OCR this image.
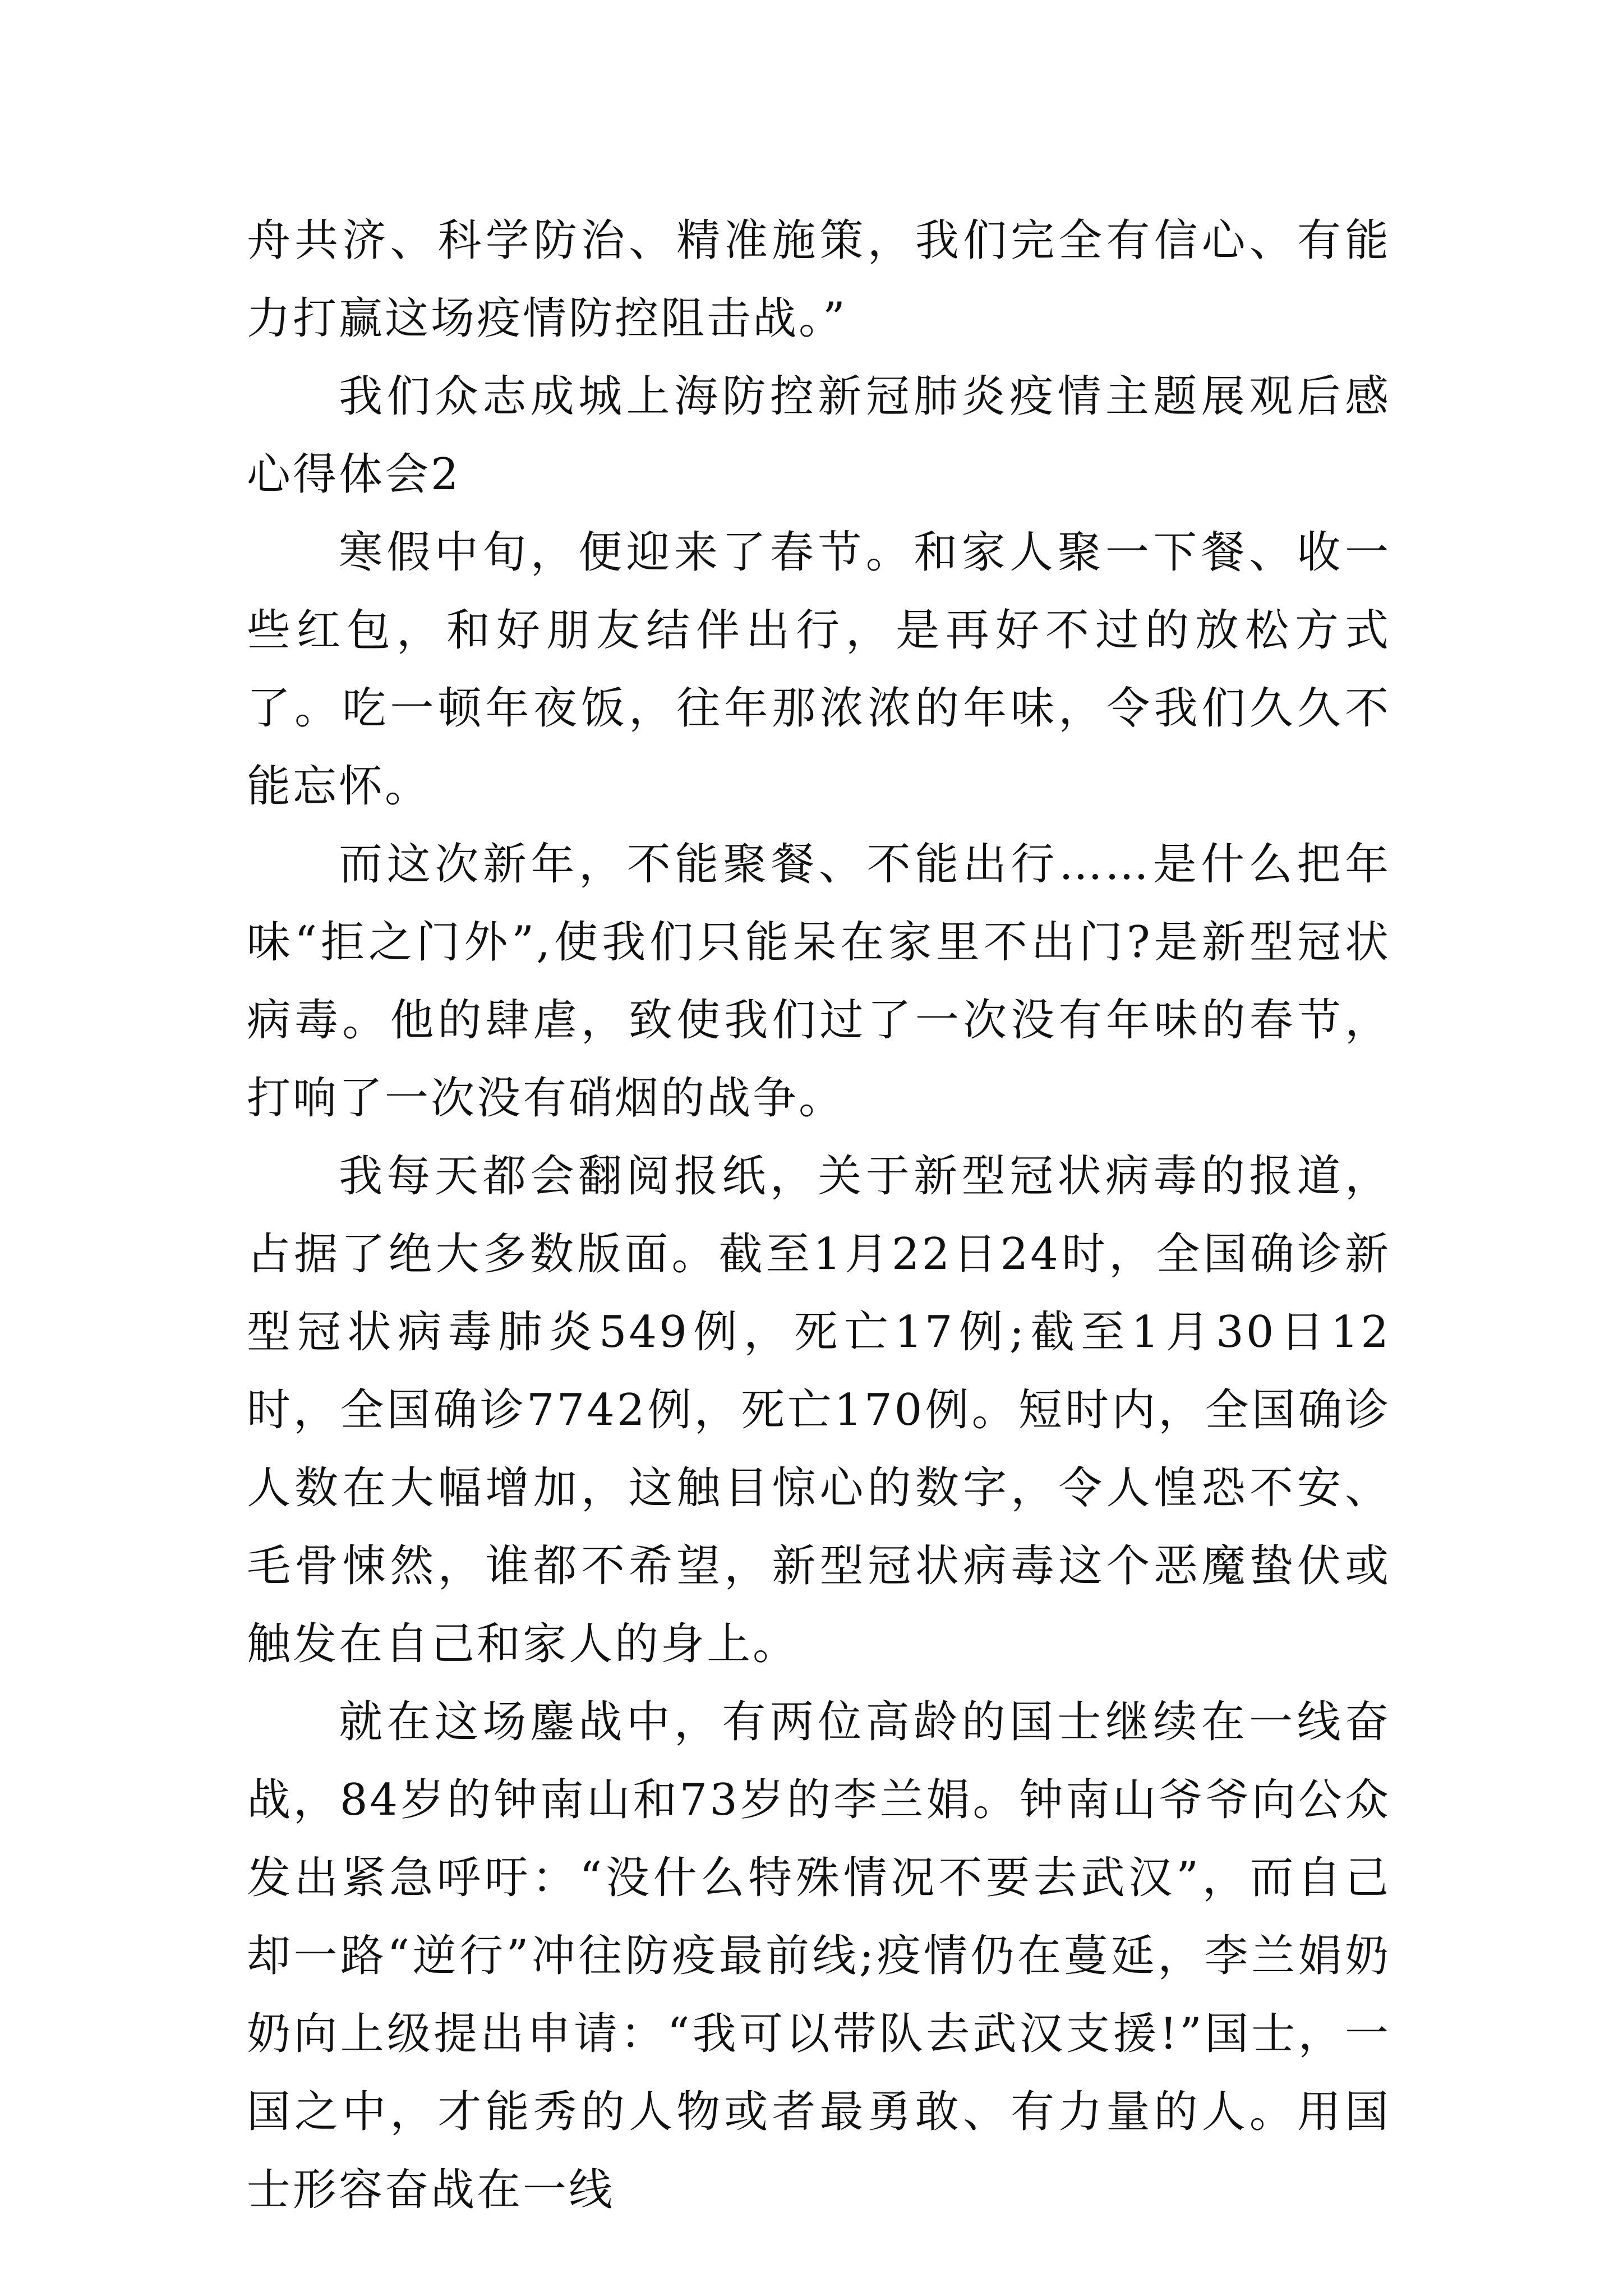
舟共济、科学防治、精准施策，我们完全有信心、有能力打赢这场疫情防控阻击战。”

我们众志成城上海防控新冠肺炎疫情主题展观后感心得体会2

寒假中旬，便迎来了春节。和家人聚一下餐、收一些红包，和好朋友结伴出行，是再好不过的放松方式了。吃一顿年夜饭，往年那浓浓的年味，令我们久久不能忘怀。

而这次新年，不能聚餐、不能出行……是什么把年味“拒之门外”,使我们只能呆在家里不出门?是新型冠状病毒。他的肆虐，致使我们过了一次没有年味的春节，打响了一次没有硝烟的战争。

我每天都会翻阅报纸，关于新型冠状病毒的报道，占据了绝大多数版面。截至1月22日24时，全国确诊新型冠状病毒肺炎549例，死亡17例;截至1月30日12时，全国确诊7742例，死亡170例。短时内，全国确诊人数在大幅增加，这触目惊心的数字，令人惶恐不安、毛骨悚然，谁都不希望，新型冠状病毒这个恶魔蛰伏或触发在自己和家人的身上。

就在这场鏖战中，有两位高龄的国士继续在一线奋战，84岁的钟南山和73岁的李兰娟。钟南山爷爷向公众发出紧急呼吁：“没什么特殊情况不要去武汉”，而自己却一路“逆行”冲往防疫最前线;疫情仍在蔓延，李兰娟奶奶向上级提出申请：“我可以带队去武汉支援!”国士，一国之中，才能秀的人物或者最勇敢、有力量的人。用国士形容奋战在一线
